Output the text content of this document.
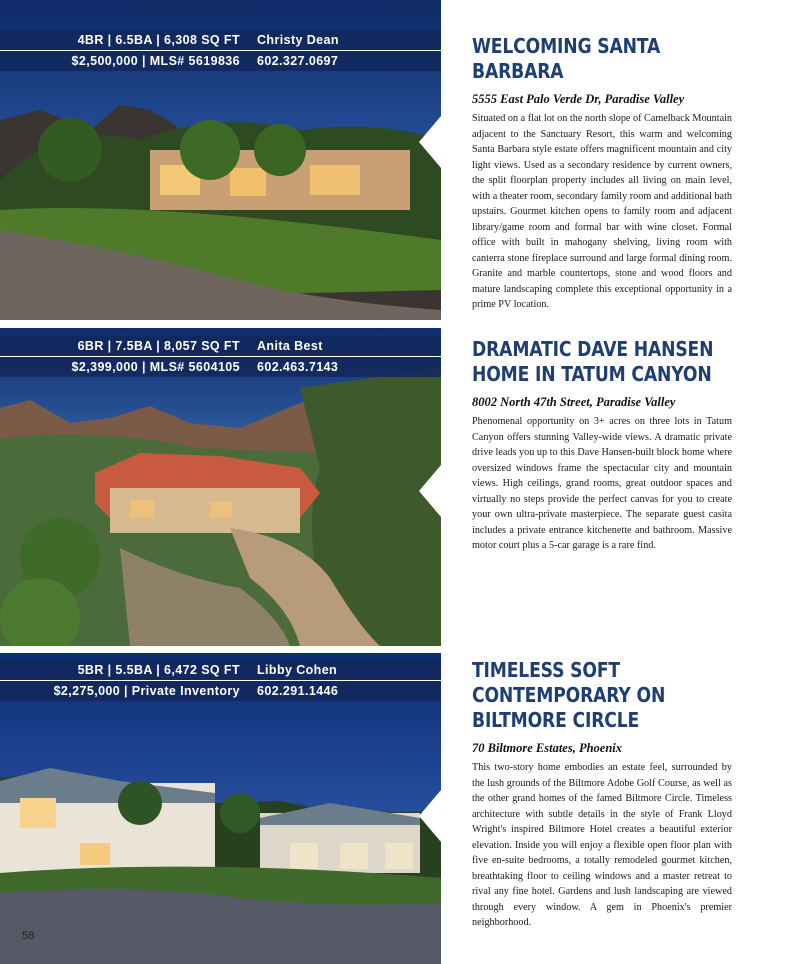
4BR | 6.5BA | 6,308 SQ FT Christy Dean
$2,500,000 | MLS# 5619836 602.327.0697
WELCOMING SANTA BARBARA
5555 East Palo Verde Dr, Paradise Valley

Situated on a flat lot on the north slope of Camelback Mountain adjacent to the Sanctuary Resort, this warm and welcoming Santa Barbara style estate offers magnificent mountain and city light views. Used as a secondary residence by current owners, the split floorplan property includes all living on main level, with a theater room, secondary family room and additional bath upstairs. Gourmet kitchen opens to family room and adjacent library/game room and formal bar with wine closet. Formal office with built in mahogany shelving, living room with canterra stone fireplace surround and large formal dining room. Granite and marble countertops, stone and wood floors and mature landscaping complete this exceptional opportunity in a prime PV location.

6BR | 7.5BA | 8,057 SQ FT Anita Best
$2,399,000 | MLS# 5604105 602.463.7143
DRAMATIC DAVE HANSEN HOME IN TATUM CANYON
8002 North 47th Street, Paradise Valley

Phenomenal opportunity on 3+ acres on three lots in Tatum Canyon offers stunning Valley-wide views. A dramatic private drive leads you up to this Dave Hansen-built block home where oversized windows frame the spectacular city and mountain views. High ceilings, grand rooms, great outdoor spaces and virtually no steps provide the perfect canvas for you to create your own ultra-private masterpiece. The separate guest casita includes a private entrance kitchenette and bathroom. Massive motor court plus a 5-car garage is a rare find.

5BR | 5.5BA | 6,472 SQ FT Libby Cohen
$2,275,000 | Private Inventory 602.291.1446
TIMELESS SOFT CONTEMPORARY ON BILTMORE CIRCLE
70 Biltmore Estates, Phoenix

This two-story home embodies an estate feel, surrounded by the lush grounds of the Biltmore Adobe Golf Course, as well as the other grand homes of the famed Biltmore Circle. Timeless architecture with subtle details in the style of Frank Lloyd Wright's inspired Biltmore Hotel creates a beautiful exterior elevation. Inside you will enjoy a flexible open floor plan with five en-suite bedrooms, a totally remodeled gourmet kitchen, breathtaking floor to ceiling windows and a master retreat to rival any fine hotel. Gardens and lush landscaping are viewed through every window. A gem in Phoenix's premier neighborhood.

58
